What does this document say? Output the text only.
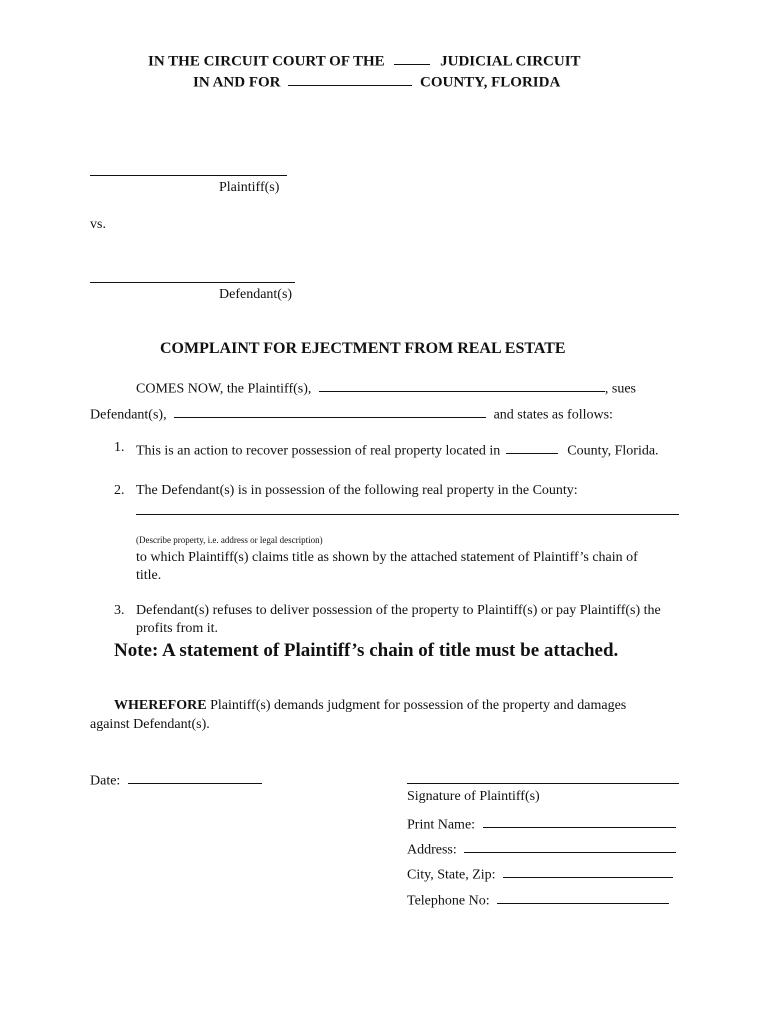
IN THE CIRCUIT COURT OF THE	JUDICIAL CIRCUIT
IN AND FOR	COUNTY, FLORIDA
Plaintiff(s)
vs.
Defendant(s)
COMPLAINT FOR EJECTMENT FROM REAL ESTATE
COMES NOW, the Plaintiff(s),	, sues
Defendant(s),	and states as follows:
1. This is an action to recover possession of real property located in	County, Florida.
2. The Defendant(s) is in possession of the following real property in the County:
(Describe property, i.e. address or legal description)
to which Plaintiff(s) claims title as shown by the attached statement of Plaintiff’s chain of
title.
3. Defendant(s) refuses to deliver possession of the property to Plaintiff(s) or pay Plaintiff(s) the
profits from it.
Note: A statement of Plaintiff’s chain of title must be attached.
WHEREFORE Plaintiff(s) demands judgment for possession of the property and damages
against Defendant(s).
Date:
Signature of Plaintiff(s)
Print Name:
Address:
City, State, Zip:
Telephone No:
